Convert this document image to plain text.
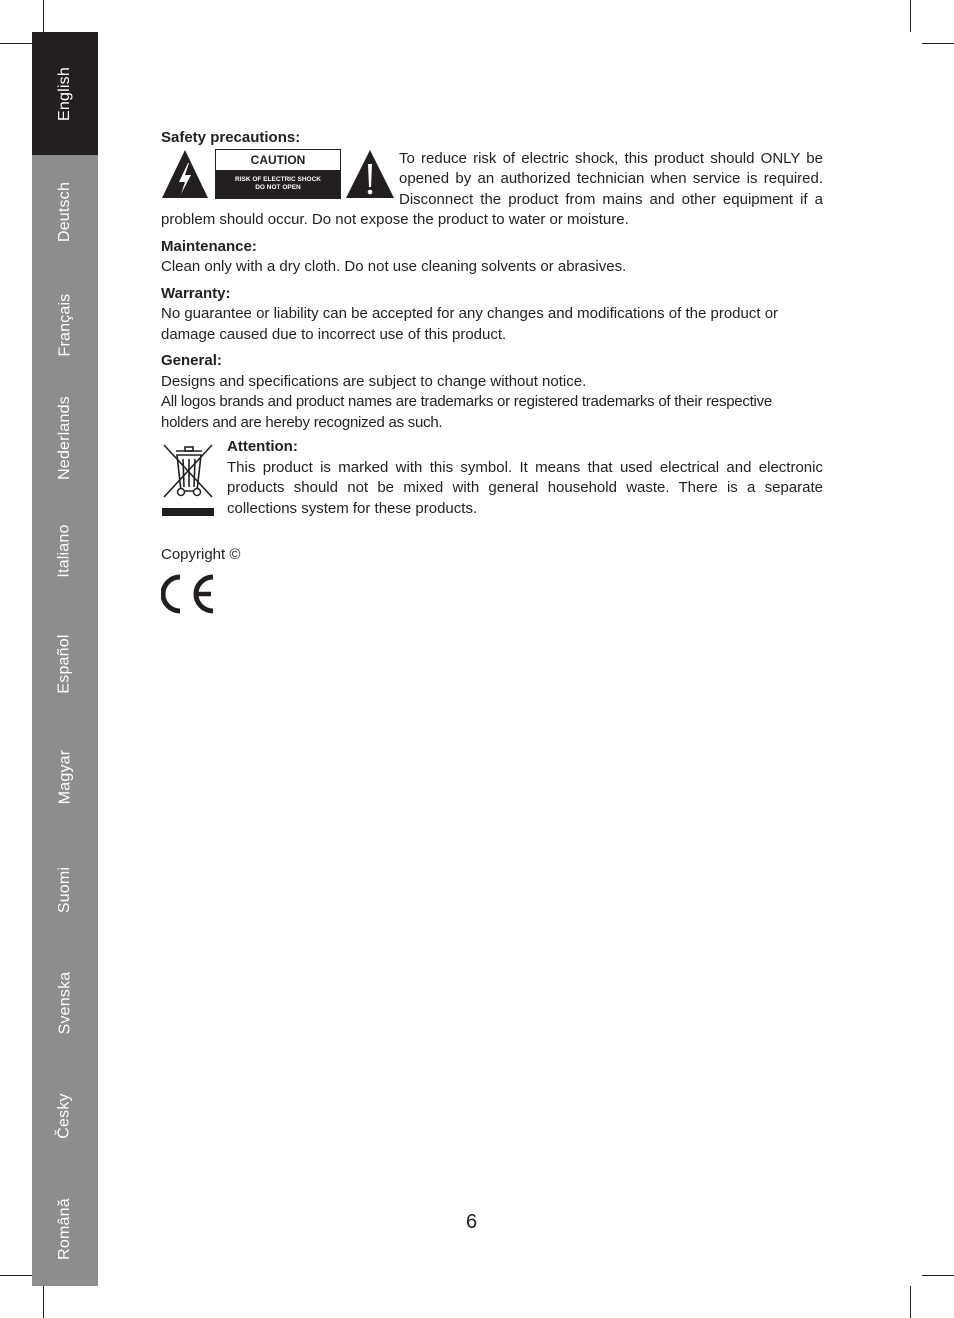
English
Deutsch
Français
Nederlands
Italiano
Español
Magyar
Suomi
Svenska
Česky
Română

Safety precautions:

CAUTION
RISK OF ELECTRIC SHOCK
DO NOT OPEN

To reduce risk of electric shock, this product should ONLY be opened by an authorized technician when service is required. Disconnect the product from mains and other equipment if a problem should occur. Do not expose the product to water or moisture.

Maintenance:

Clean only with a dry cloth. Do not use cleaning solvents or abrasives.

Warranty:

No guarantee or liability can be accepted for any changes and modifications of the product or damage caused due to incorrect use of this product.

General:

Designs and specifications are subject to change without notice.

All logos brands and product names are trademarks or registered trademarks of their respective holders and are hereby recognized as such.

Attention:

This product is marked with this symbol. It means that used electrical and electronic products should not be mixed with general household waste. There is a separate collections system for these products.

Copyright ©

6
